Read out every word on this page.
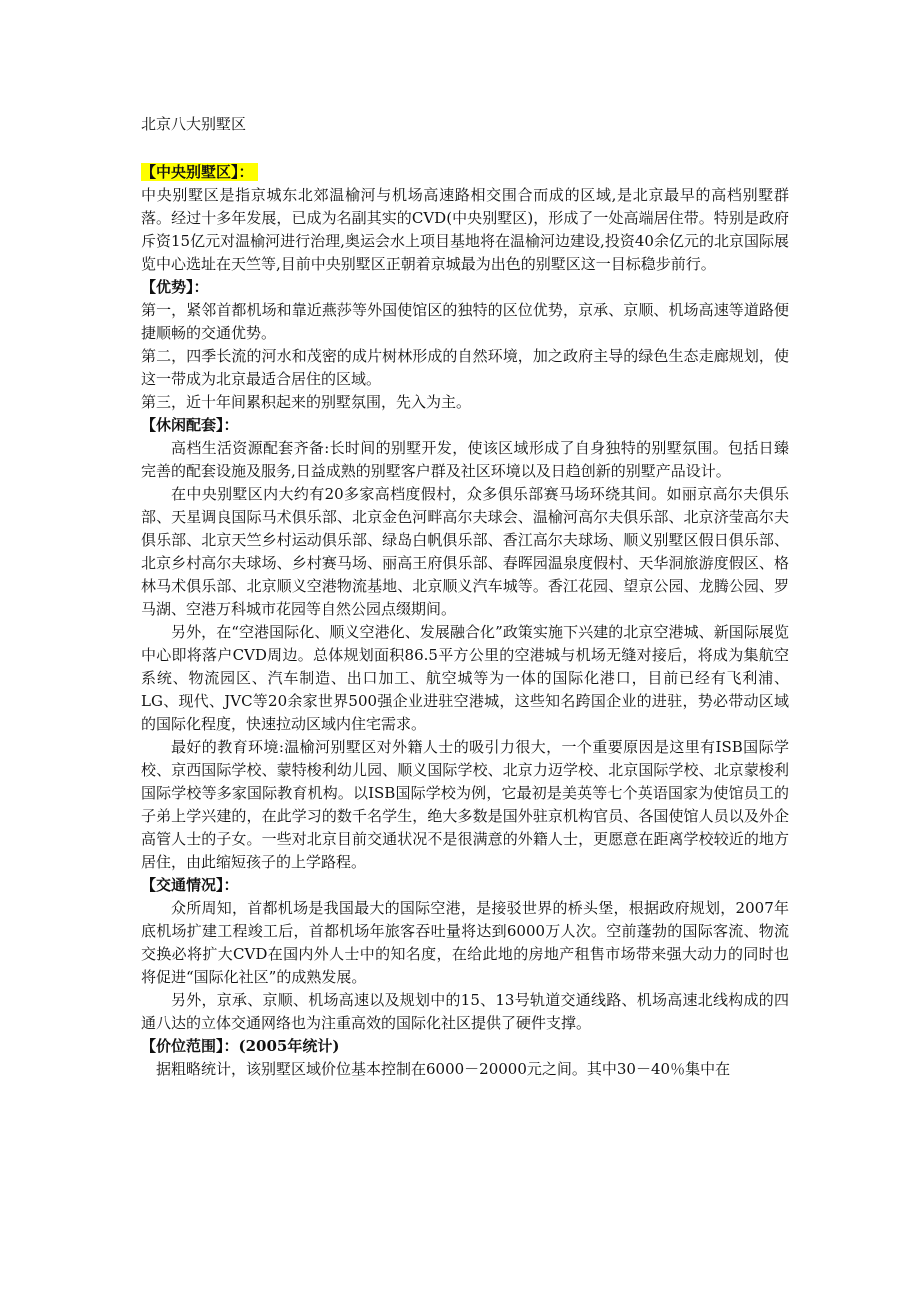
北京八大别墅区
【中央别墅区】：

中央别墅区是指京城东北郊温榆河与机场高速路相交围合而成的区域,是北京最早的高档别墅群落。经过十多年发展，已成为名副其实的CVD(中央别墅区)，形成了一处高端居住带。特别是政府斥资15亿元对温榆河进行治理,奥运会水上项目基地将在温榆河边建设,投资40余亿元的北京国际展览中心选址在天竺等,目前中央别墅区正朝着京城最为出色的别墅区这一目标稳步前行。

【优势】：

第一，紧邻首都机场和靠近燕莎等外国使馆区的独特的区位优势，京承、京顺、机场高速等道路便捷顺畅的交通优势。

第二，四季长流的河水和茂密的成片树林形成的自然环境，加之政府主导的绿色生态走廊规划，使这一带成为北京最适合居住的区域。

第三，近十年间累积起来的别墅氛围，先入为主。

【休闲配套】：

高档生活资源配套齐备:长时间的别墅开发，使该区域形成了自身独特的别墅氛围。包括日臻完善的配套设施及服务,日益成熟的别墅客户群及社区环境以及日趋创新的别墅产品设计。

在中央别墅区内大约有20多家高档度假村，众多俱乐部赛马场环绕其间。如丽京高尔夫俱乐部、天星调良国际马术俱乐部、北京金色河畔高尔夫球会、温榆河高尔夫俱乐部、北京济莹高尔夫俱乐部、北京天竺乡村运动俱乐部、绿岛白帆俱乐部、香江高尔夫球场、顺义别墅区假日俱乐部、北京乡村高尔夫球场、乡村赛马场、丽高王府俱乐部、春晖园温泉度假村、天华洞旅游度假区、格林马术俱乐部、北京顺义空港物流基地、北京顺义汽车城等。香江花园、望京公园、龙腾公园、罗马湖、空港万科城市花园等自然公园点缀期间。

另外，在“空港国际化、顺义空港化、发展融合化”政策实施下兴建的北京空港城、新国际展览中心即将落户CVD周边。总体规划面积86.5平方公里的空港城与机场无缝对接后，将成为集航空系统、物流园区、汽车制造、出口加工、航空城等为一体的国际化港口，目前已经有飞利浦、LG、现代、JVC等20余家世界500强企业进驻空港城，这些知名跨国企业的进驻，势必带动区域的国际化程度，快速拉动区域内住宅需求。

最好的教育环境:温榆河别墅区对外籍人士的吸引力很大，一个重要原因是这里有ISB国际学校、京西国际学校、蒙特梭利幼儿园、顺义国际学校、北京力迈学校、北京国际学校、北京蒙梭利国际学校等多家国际教育机构。以ISB国际学校为例，它最初是美英等七个英语国家为使馆员工的子弟上学兴建的，在此学习的数千名学生，绝大多数是国外驻京机构官员、各国使馆人员以及外企高管人士的子女。一些对北京目前交通状况不是很满意的外籍人士，更愿意在距离学校较近的地方居住，由此缩短孩子的上学路程。

【交通情况】：

众所周知，首都机场是我国最大的国际空港，是接驳世界的桥头堡，根据政府规划，2007年底机场扩建工程竣工后，首都机场年旅客吞吐量将达到6000万人次。空前蓬勃的国际客流、物流交换必将扩大CVD在国内外人士中的知名度，在给此地的房地产租售市场带来强大动力的同时也将促进“国际化社区”的成熟发展。

另外，京承、京顺、机场高速以及规划中的15、13号轨道交通线路、机场高速北线构成的四通八达的立体交通网络也为注重高效的国际化社区提供了硬件支撑。

【价位范围】：(2005年统计)

据粗略统计，该别墅区域价位基本控制在6000－20000元之间。其中30－40％集中在
